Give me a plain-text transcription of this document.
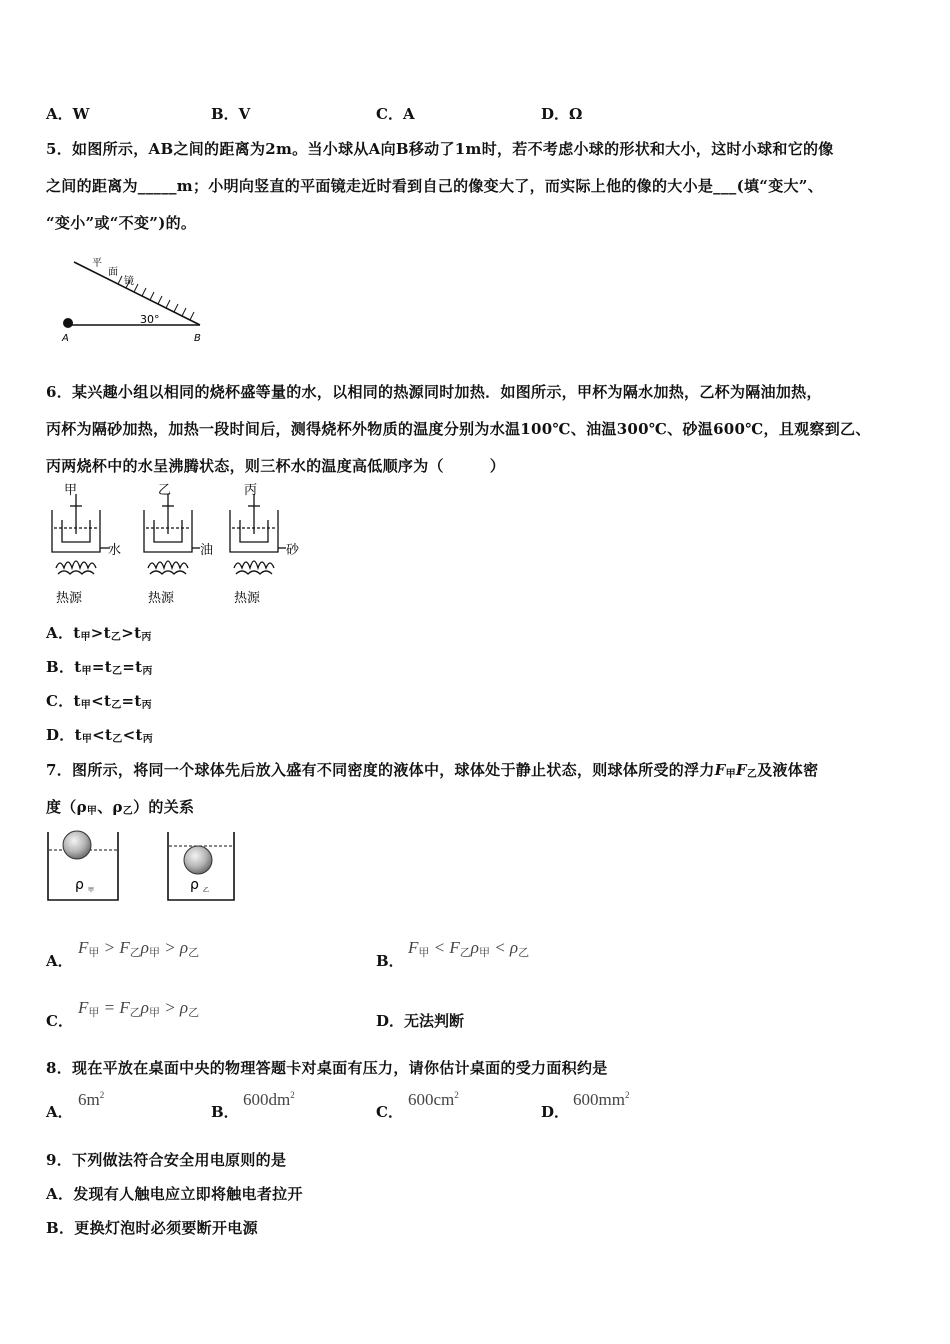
A．W	B．V	C．A	D．Ω
5．如图所示，AB之间的距离为2m。当小球从A向B移动了1m时，若不考虑小球的形状和大小，这时小球和它的像
之间的距离为_____m；小明向竖直的平面镜走近时看到自己的像变大了，而实际上他的像的大小是___(填“变大”、
“变小”或“不变”)的。
平
面
镜
30°
A	B
6．某兴趣小组以相同的烧杯盛等量的水，以相同的热源同时加热．如图所示，甲杯为隔水加热，乙杯为隔油加热，
丙杯为隔砂加热，加热一段时间后，测得烧杯外物质的温度分别为水温100℃、油温300℃、砂温600℃，且观察到乙、
丙两烧杯中的水呈沸腾状态，则三杯水的温度高低顺序为（　　　）
甲
水
热源
乙
油
热源
丙
砂
热源
A．$t_甲>t_乙>t_丙$
B．$t_甲=t_乙=t_丙$
C．$t_甲<t_乙=t_丙$
D．$t_甲<t_乙<t_丙$
7．图所示，将同一个球体先后放入盛有不同密度的液体中，球体处于静止状态，则球体所受的浮力$F_甲F_乙$及液体密
度（$\rho_甲$、$\rho_乙$）的关系
ρ 甲	ρ 乙
A．
F甲 > F乙ρ甲 > ρ乙	B．
F甲 < F乙ρ甲 < ρ乙
C．
F甲 = F乙ρ甲 > ρ乙	D．无法判断
8．现在平放在桌面中央的物理答题卡对桌面有压力，请你估计桌面的受力面积约是
A．
$6m^2$
B．
$600dm^2$
C．
$600cm^2$
D．
$600mm^2$
9．下列做法符合安全用电原则的是
A．发现有人触电应立即将触电者拉开
B．更换灯泡时必须要断开电源
